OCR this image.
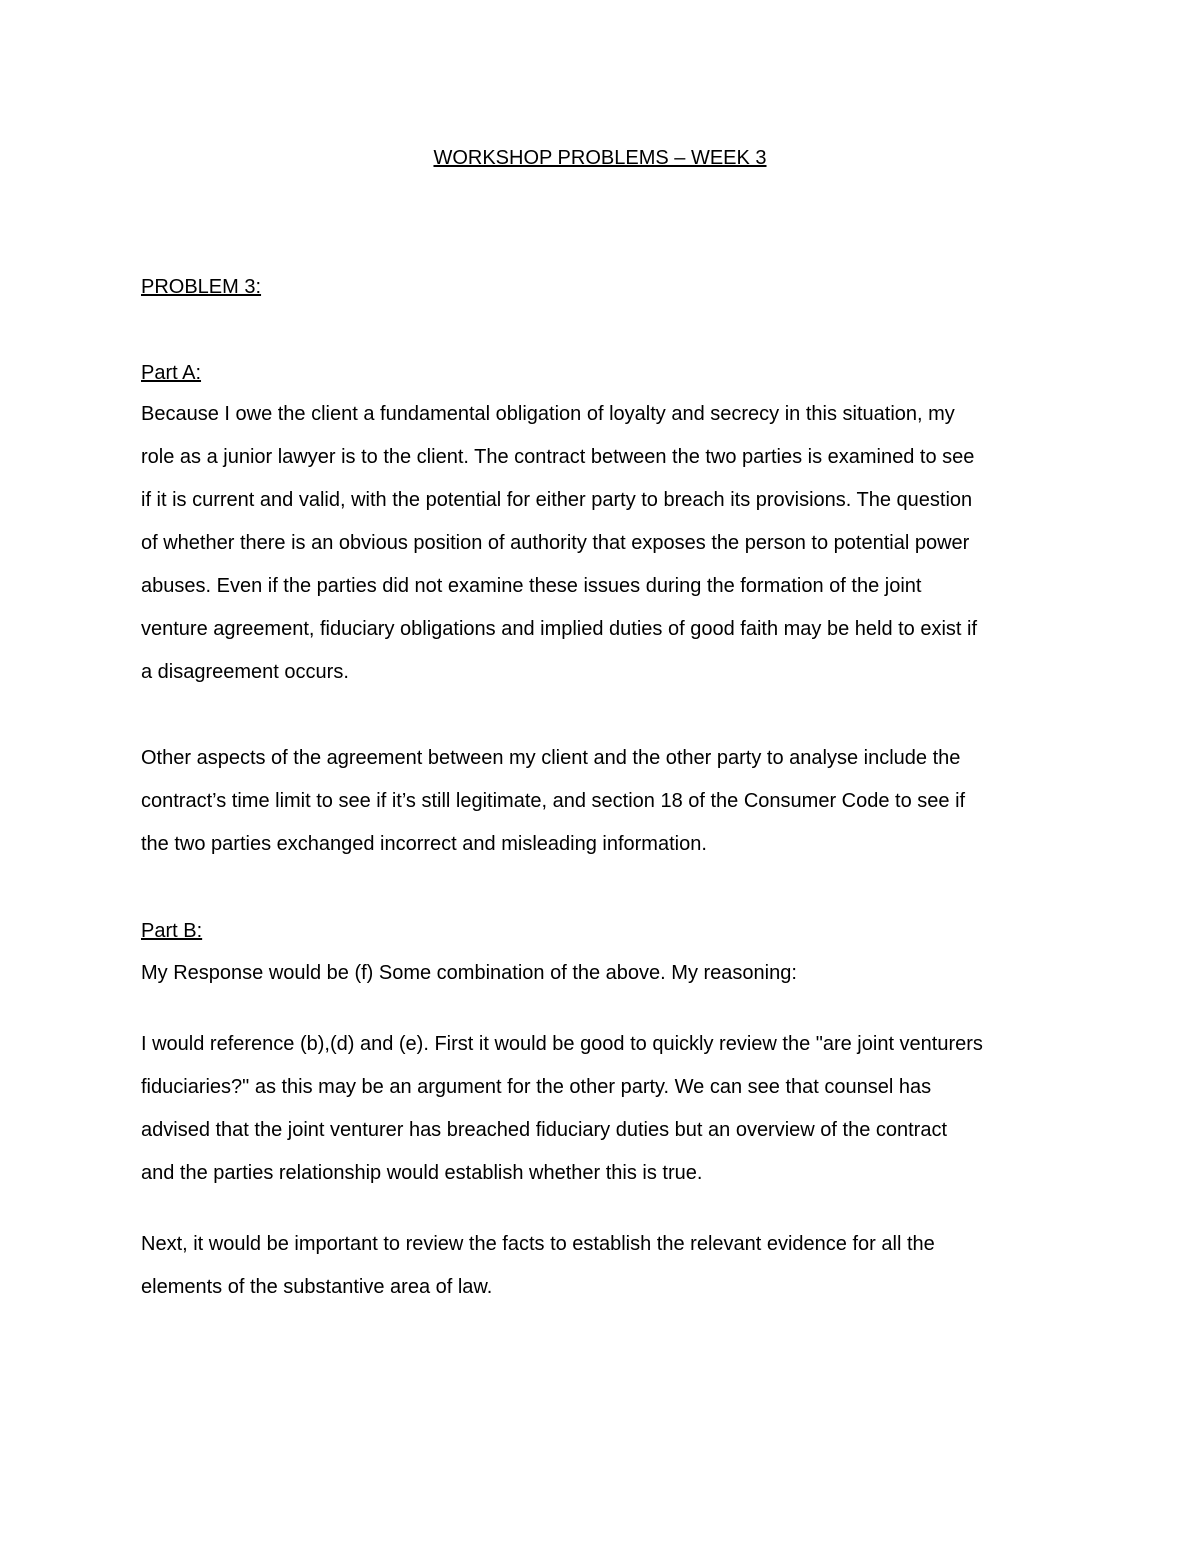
WORKSHOP PROBLEMS – WEEK 3
PROBLEM 3:
Part A:

Because I owe the client a fundamental obligation of loyalty and secrecy in this situation, my
role as a junior lawyer is to the client. The contract between the two parties is examined to see
if it is current and valid, with the potential for either party to breach its provisions. The question
of whether there is an obvious position of authority that exposes the person to potential power
abuses. Even if the parties did not examine these issues during the formation of the joint
venture agreement, fiduciary obligations and implied duties of good faith may be held to exist if
a disagreement occurs.

Other aspects of the agreement between my client and the other party to analyse include the
contract’s time limit to see if it’s still legitimate, and section 18 of the Consumer Code to see if
the two parties exchanged incorrect and misleading information.

Part B:

My Response would be (f) Some combination of the above. My reasoning:

I would reference (b),(d) and (e). First it would be good to quickly review the "are joint venturers
fiduciaries?" as this may be an argument for the other party. We can see that counsel has
advised that the joint venturer has breached fiduciary duties but an overview of the contract
and the parties relationship would establish whether this is true.

Next, it would be important to review the facts to establish the relevant evidence for all the
elements of the substantive area of law.
